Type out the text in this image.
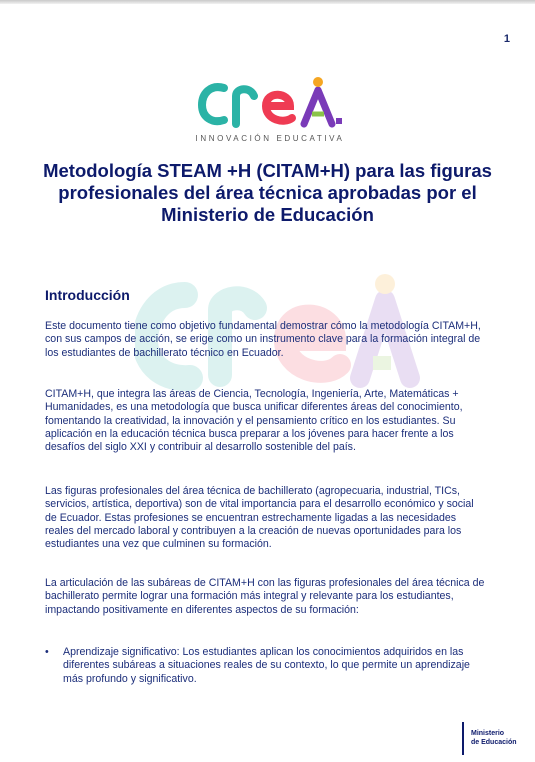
1
INNOVACIÓN EDUCATIVA
Metodología STEAM +H (CITAM+H) para las figuras profesionales del área técnica aprobadas por el Ministerio de Educación
Introducción
Este documento tiene como objetivo fundamental demostrar cómo la metodología CITAM+H, con sus campos de acción, se erige como un instrumento clave para la formación integral de los estudiantes de bachillerato técnico en Ecuador.
CITAM+H, que integra las áreas de Ciencia, Tecnología, Ingeniería, Arte, Matemáticas + Humanidades, es una metodología que busca unificar diferentes áreas del conocimiento, fomentando la creatividad, la innovación y el pensamiento crítico en los estudiantes. Su aplicación en la educación técnica busca preparar a los jóvenes para hacer frente a los desafíos del siglo XXI y contribuir al desarrollo sostenible del país.
Las figuras profesionales del área técnica de bachillerato (agropecuaria, industrial, TICs, servicios, artística, deportiva) son de vital importancia para el desarrollo económico y social de Ecuador. Estas profesiones se encuentran estrechamente ligadas a las necesidades reales del mercado laboral y contribuyen a la creación de nuevas oportunidades para los estudiantes una vez que culminen su formación.
La articulación de las subáreas de CITAM+H con las figuras profesionales del área técnica de bachillerato permite lograr una formación más integral y relevante para los estudiantes, impactando positivamente en diferentes aspectos de su formación:
•	Aprendizaje significativo: Los estudiantes aplican los conocimientos adquiridos en las diferentes subáreas a situaciones reales de su contexto, lo que permite un aprendizaje más profundo y significativo.
Ministerio
de Educación
